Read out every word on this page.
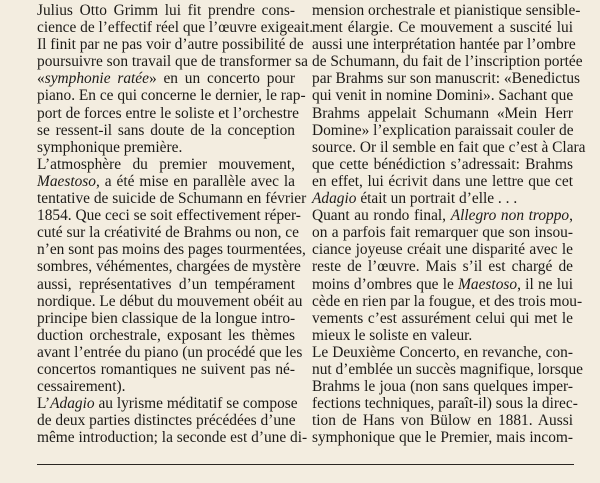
Julius Otto Grimm lui fit prendre cons-
cience de l’effectif réel que l’œuvre exigeait.
Il finit par ne pas voir d’autre possibilité de
poursuivre son travail que de transformer sa
«symphonie ratée» en un concerto pour
piano. En ce qui concerne le dernier, le rap-
port de forces entre le soliste et l’orchestre
se ressent-il sans doute de la conception
symphonique première.
L’atmosphère du premier mouvement,
Maestoso, a été mise en parallèle avec la
tentative de suicide de Schumann en février
1854. Que ceci se soit effectivement réper-
cuté sur la créativité de Brahms ou non, ce
n’en sont pas moins des pages tourmentées,
sombres, véhémentes, chargées de mystère
aussi, représentatives d’un tempérament
nordique. Le début du mouvement obéit au
principe bien classique de la longue intro-
duction orchestrale, exposant les thèmes
avant l’entrée du piano (un procédé que les
concertos romantiques ne suivent pas né-
cessairement).
L’Adagio au lyrisme méditatif se compose
de deux parties distinctes précédées d’une
même introduction; la seconde est d’une di-
mension orchestrale et pianistique sensible-
ment élargie. Ce mouvement a suscité lui
aussi une interprétation hantée par l’ombre
de Schumann, du fait de l’inscription portée
par Brahms sur son manuscrit: «Benedictus
qui venit in nomine Domini». Sachant que
Brahms appelait Schumann «Mein Herr
Domine» l’explication paraissait couler de
source. Or il semble en fait que c’est à Clara
que cette bénédiction s’adressait: Brahms
en effet, lui écrivit dans une lettre que cet
Adagio était un portrait d’elle . . .
Quant au rondo final, Allegro non troppo,
on a parfois fait remarquer que son insou-
ciance joyeuse créait une disparité avec le
reste de l’œuvre. Mais s’il est chargé de
moins d’ombres que le Maestoso, il ne lui
cède en rien par la fougue, et des trois mou-
vements c’est assurément celui qui met le
mieux le soliste en valeur.
Le Deuxième Concerto, en revanche, con-
nut d’emblée un succès magnifique, lorsque
Brahms le joua (non sans quelques imper-
fections techniques, paraît-il) sous la direc-
tion de Hans von Bülow en 1881. Aussi
symphonique que le Premier, mais incom-
